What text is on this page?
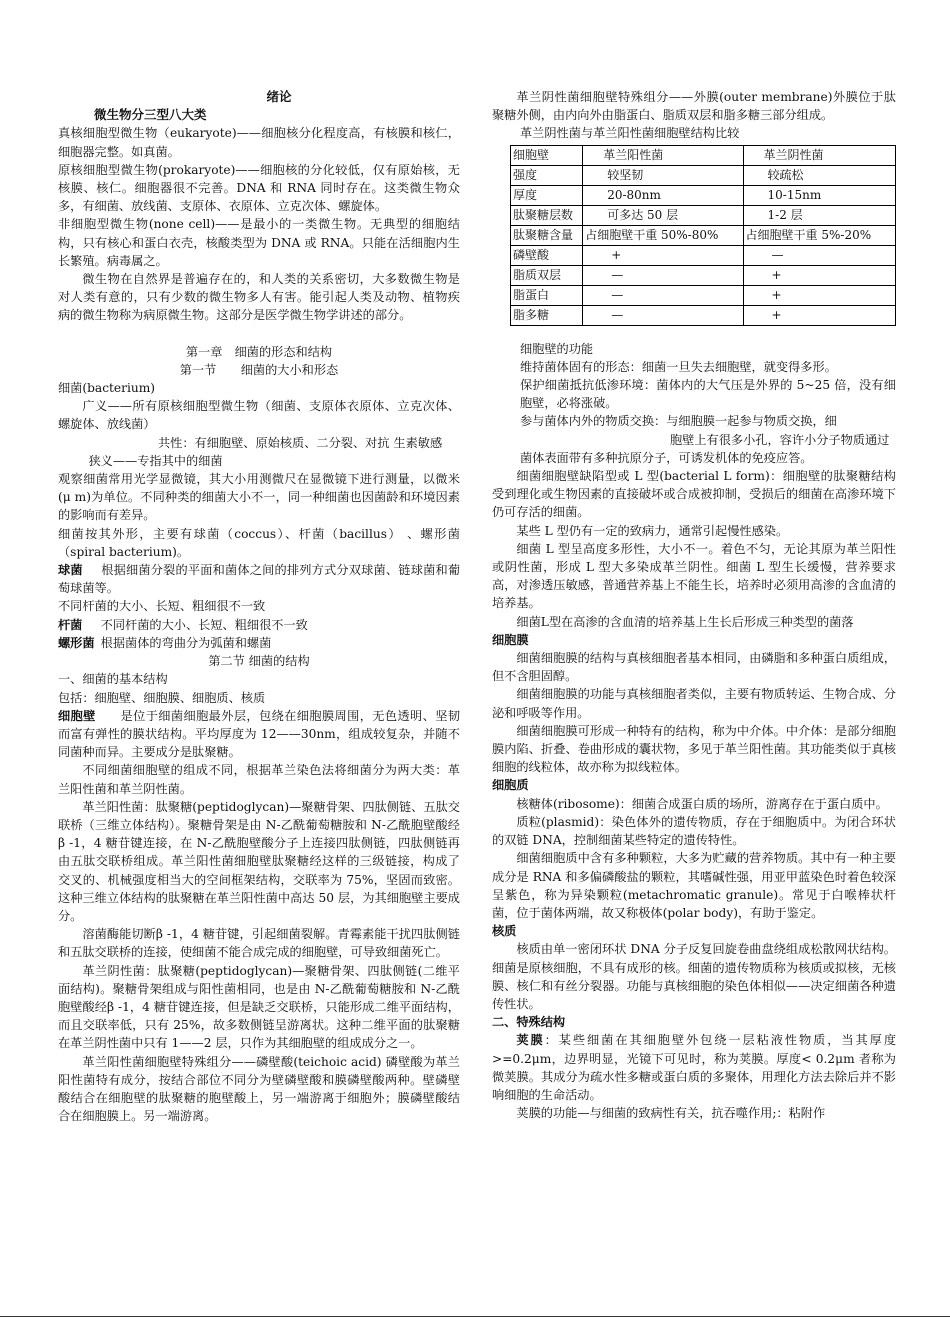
绪论

微生物分三型八大类

真核细胞型微生物（eukaryote)——细胞核分化程度高，有核膜和核仁，细胞器完整。如真菌。

原核细胞型微生物(prokaryote)——细胞核的分化较低，仅有原始核，无核膜、核仁。细胞器很不完善。DNA 和 RNA 同时存在。这类微生物众多，有细菌、放线菌、支原体、衣原体、立克次体、螺旋体。

非细胞型微生物(none cell)——是最小的一类微生物。无典型的细胞结构，只有核心和蛋白衣壳，核酸类型为 DNA 或 RNA。只能在活细胞内生长繁殖。病毒属之。

微生物在自然界是普遍存在的，和人类的关系密切，大多数微生物是对人类有意的，只有少数的微生物多人有害。能引起人类及动物、植物疾病的微生物称为病原微生物。这部分是医学微生物学讲述的部分。

第一章　细菌的形态和结构

第一节　　细菌的大小和形态

细菌(bacterium)

广义——所有原核细胞型微生物（细菌、支原体衣原体、立克次体、螺旋体、放线菌）

共性：有细胞壁、原始核质、二分裂、对抗 生素敏感

狭义——专指其中的细菌

观察细菌常用光学显微镜，其大小用测微尺在显微镜下进行测量，以微米(μ m)为单位。不同种类的细菌大小不一，同一种细菌也因菌龄和环境因素的影响而有差异。

细菌按其外形，主要有球菌（coccus）、杆菌（bacillus） 、螺形菌（spiral bacterium)。

球菌   根据细菌分裂的平面和菌体之间的排列方式分双球菌、链球菌和葡萄球菌等。

不同杆菌的大小、长短、粗细很不一致

杆菌   不同杆菌的大小、长短、粗细很不一致

螺形菌  根据菌体的弯曲分为弧菌和螺菌

第二节 细菌的结构

一、细菌的基本结构

包括：细胞壁、细胞膜、细胞质、核质

细胞壁   是位于细菌细胞最外层，包绕在细胞膜周围，无色透明、坚韧而富有弹性的膜状结构。平均厚度为 12——30nm，组成较复杂，并随不同菌种而异。主要成分是肽聚糖。

不同细菌细胞壁的组成不同，根据革兰染色法将细菌分为两大类：革兰阳性菌和革兰阴性菌。

革兰阳性菌：肽聚糖(peptidoglycan)—聚糖骨架、四肽侧链、五肽交联桥（三维立体结构）。聚糖骨架是由 N-乙酰葡萄糖胺和 N-乙酰胞壁酸经β -1，4 糖苷键连接，在 N-乙酰胞壁酸分子上连接四肽侧链，四肽侧链再由五肽交联桥组成。革兰阳性菌细胞壁肽聚糖经这样的三级链接，构成了交叉的、机械强度相当大的空间框架结构，交联率为 75%，坚固而致密。这种三维立体结构的肽聚糖在革兰阳性菌中高达 50 层，为其细胞壁主要成分。

溶菌酶能切断β -1，4 糖苷键，引起细菌裂解。青霉素能干扰四肽侧链和五肽交联桥的连接，使细菌不能合成完成的细胞壁，可导致细菌死亡。

革兰阴性菌：肽聚糖(peptidoglycan)—聚糖骨架、四肽侧链(二维平面结构)。聚糖骨架组成与阳性菌相同，也是由 N-乙酰葡萄糖胺和 N-乙酰胞壁酸经β -1，4 糖苷键连接，但是缺乏交联桥，只能形成二维平面结构，而且交联率低，只有 25%，故多数侧链呈游离状。这种二维平面的肽聚糖在革兰阴性菌中只有 1——2 层，只作为其细胞壁的组成成分之一。

革兰阳性菌细胞壁特殊组分——磷壁酸(teichoic acid) 磷壁酸为革兰阳性菌特有成分，按结合部位不同分为壁磷壁酸和膜磷壁酸两种。壁磷壁酸结合在细胞壁的肽聚糖的胞壁酸上，另一端游离于细胞外；膜磷壁酸结合在细胞膜上。另一端游离。

革兰阴性菌细胞壁特殊组分——外膜(outer membrane)外膜位于肽聚糖外侧，由内向外由脂蛋白、脂质双层和脂多糖三部分组成。

革兰阴性菌与革兰阳性菌细胞壁结构比较

细胞壁	革兰阳性菌	革兰阴性菌
强度	较坚韧	较疏松
厚度	20-80nm	10-15nm
肽聚糖层数	可多达 50 层	1-2 层
肽聚糖含量	占细胞壁干重 50%-80%	占细胞壁干重 5%-20%
磷壁酸	+	—
脂质双层	—	+
脂蛋白	—	+
脂多糖	—	+

细胞壁的功能

维持菌体固有的形态：细菌一旦失去细胞壁，就变得多形。

保护细菌抵抗低渗环境：菌体内的大气压是外界的 5~25 倍，没有细胞壁，必将涨破。

参与菌体内外的物质交换：与细胞膜一起参与物质交换，细

胞壁上有很多小孔，容许小分子物质通过

菌体表面带有多种抗原分子，可诱发机体的免疫应答。

细菌细胞壁缺陷型或 L 型(bacterial L form)：细胞壁的肽聚糖结构受到理化或生物因素的直接破坏或合成被抑制，受损后的细菌在高渗环境下仍可存活的细菌。

某些 L 型仍有一定的致病力，通常引起慢性感染。

细菌 L 型呈高度多形性，大小不一。着色不匀，无论其原为革兰阳性或阴性菌，形成 L 型大多染成革兰阴性。细菌 L 型生长缓慢，营养要求高，对渗透压敏感，普通营养基上不能生长，培养时必须用高渗的含血清的培养基。

细菌L型在高渗的含血清的培养基上生长后形成三种类型的菌落

细胞膜

细菌细胞膜的结构与真核细胞者基本相同，由磷脂和多种蛋白质组成，但不含胆固醇。

细菌细胞膜的功能与真核细胞者类似，主要有物质转运、生物合成、分泌和呼吸等作用。

细菌细胞膜可形成一种特有的结构，称为中介体。中介体：是部分细胞膜内陷、折叠、卷曲形成的囊状物，多见于革兰阳性菌。其功能类似于真核细胞的线粒体，故亦称为拟线粒体。

细胞质

核糖体(ribosome)：细菌合成蛋白质的场所，游离存在于蛋白质中。

质粒(plasmid)：染色体外的遗传物质，存在于细胞质中。为闭合环状的双链 DNA，控制细菌某些特定的遗传特性。

细菌细胞质中含有多种颗粒，大多为贮藏的营养物质。其中有一种主要成分是 RNA 和多偏磷酸盐的颗粒，其嗜碱性强，用亚甲蓝染色时着色较深呈紫色，称为异染颗粒(metachromatic granule)。常见于白喉棒状杆菌，位于菌体两端，故又称极体(polar body)，有助于鉴定。

核质

核质由单一密闭环状 DNA 分子反复回旋卷曲盘绕组成松散网状结构。细菌是原核细胞，不具有成形的核。细菌的遗传物质称为核质或拟核，无核膜、核仁和有丝分裂器。功能与真核细胞的染色体相似——决定细菌各种遗传性状。

二、特殊结构

荚膜：某些细菌在其细胞壁外包绕一层粘液性物质，当其厚度>=0.2μm，边界明显，光镜下可见时，称为荚膜。厚度< 0.2μm 者称为微荚膜。其成分为疏水性多糖或蛋白质的多聚体，用理化方法去除后并不影响细胞的生命活动。

荚膜的功能—与细菌的致病性有关，抗吞噬作用;：粘附作
